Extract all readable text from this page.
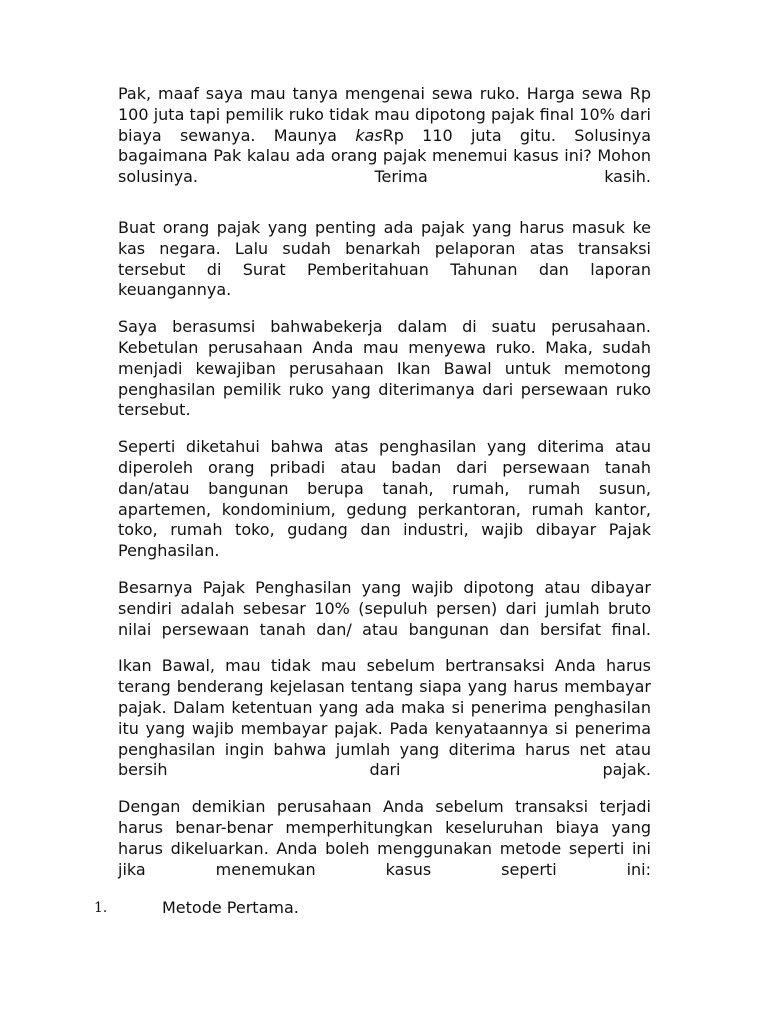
Pak, maaf saya mau tanya mengenai sewa ruko. Harga sewa Rp 100 juta tapi pemilik ruko tidak mau dipotong pajak final 10% dari biaya sewanya. Maunya kasRp 110 juta gitu. Solusinya bagaimana Pak kalau ada orang pajak menemui kasus ini? Mohon solusinya. Terima kasih.

Buat orang pajak yang penting ada pajak yang harus masuk ke kas negara. Lalu sudah benarkah pelaporan atas transaksi tersebut di Surat Pemberitahuan Tahunan dan laporan keuangannya.

Saya berasumsi bahwabekerja dalam di suatu perusahaan. Kebetulan perusahaan Anda mau menyewa ruko. Maka, sudah menjadi kewajiban perusahaan Ikan Bawal untuk memotong penghasilan pemilik ruko yang diterimanya dari persewaan ruko tersebut.

Seperti diketahui bahwa atas penghasilan yang diterima atau diperoleh orang pribadi atau badan dari persewaan tanah dan/atau bangunan berupa tanah, rumah, rumah susun, apartemen, kondominium, gedung perkantoran, rumah kantor, toko, rumah toko, gudang dan industri, wajib dibayar Pajak Penghasilan.

Besarnya Pajak Penghasilan yang wajib dipotong atau dibayar sendiri adalah sebesar 10% (sepuluh persen) dari jumlah bruto nilai persewaan tanah dan/ atau bangunan dan bersifat final.

Ikan Bawal, mau tidak mau sebelum bertransaksi Anda harus terang benderang kejelasan tentang siapa yang harus membayar pajak. Dalam ketentuan yang ada maka si penerima penghasilan itu yang wajib membayar pajak. Pada kenyataannya si penerima penghasilan ingin bahwa jumlah yang diterima harus net atau bersih dari pajak.

Dengan demikian perusahaan Anda sebelum transaksi terjadi harus benar-benar memperhitungkan keseluruhan biaya yang harus dikeluarkan. Anda boleh menggunakan metode seperti ini jika menemukan kasus seperti ini:

1.	Metode Pertama.
